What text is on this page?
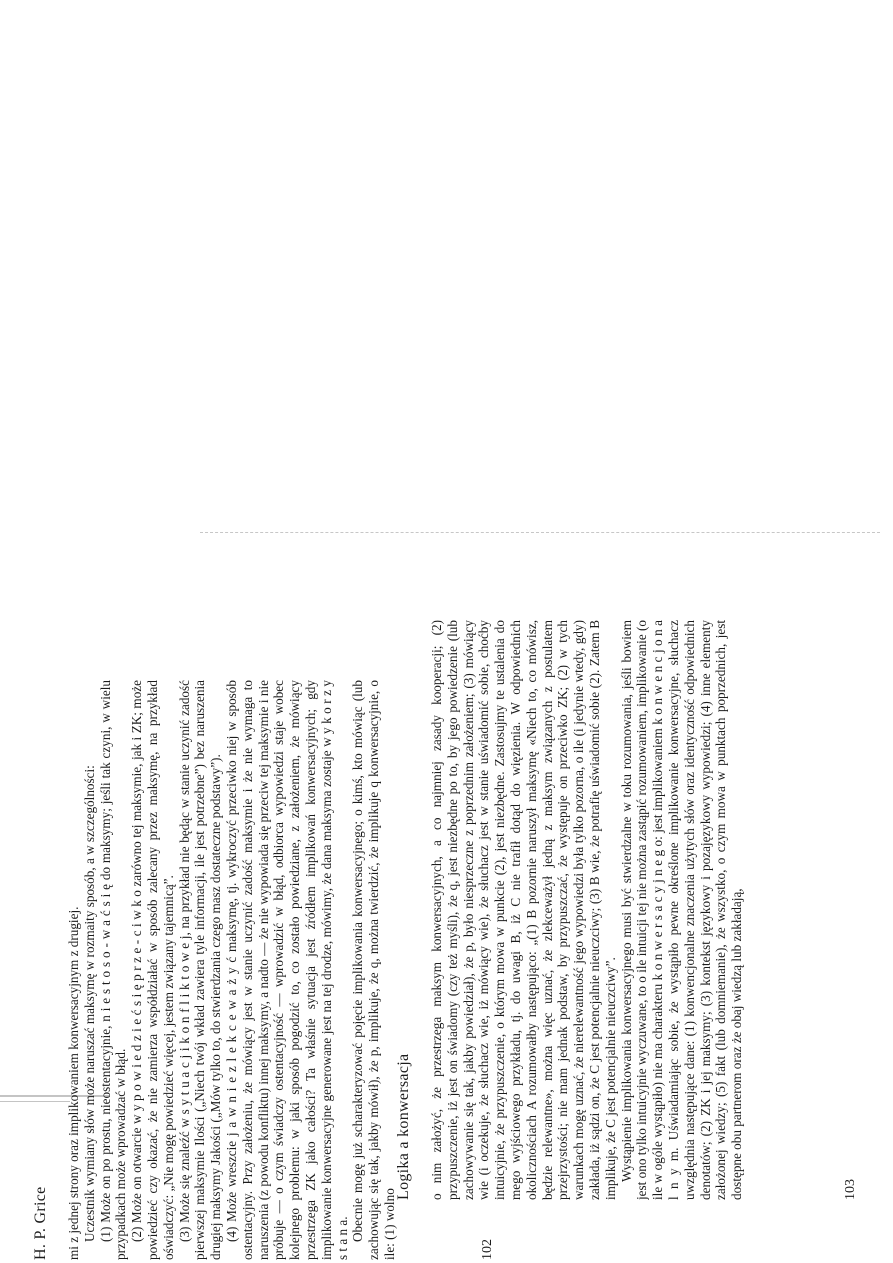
H. P. Grice mi z jednej strony oraz implikowaniem konwersacyjnym z drugiej. Uczestnik wymiany słów może naruszać maksymę w rozmaity sposób, a w szczególności: (1) Może on po prostu, nieostentacyjnie, n i e s t o s o - w a ć s i ę do maksymy; jeśli tak czyni, w wielu przypadkach może wprowadzać w błąd. (2) Może on otwarcie w y p o w i e d z i e ć s i ę p r z e - c i w k o zarówno tej maksymie, jak i ZK; może powiedzieć czy okazać, że nie zamierza współdziałać w sposób zalecany przez maksymę, na przykład oświadczyć: „Nie mogę powiedzieć więcej, jestem związany tajemnicą”. (3) Może się znaleźć w s y t u a c j i k o n f l i k t o w e j, na przykład nie będąc w stanie uczynić zadość pierwszej maksymie Ilości („Niech twój wkład zawiera tyle informacji, ile jest potrzebne”) bez naruszenia drugiej maksymy Jakości („Mów tylko to, do stwierdzania czego masz dostateczne podstawy”). (4) Może wreszcie j a w n i e z l e k c e w a ż y ć maksymę, tj. wykroczyć przeciwko niej w sposób ostentacyjny. Przy założeniu, że mówiący jest w stanie uczynić zadość maksymie i że nie wymaga to naruszenia (z powodu konfliktu) innej maksymy, a nadto — że nie wypowiada się przeciw tej maksymie i nie próbuje — o czym świadczy ostentacyjność — wprowadzić w błąd, odbiorca wypowiedzi staje wobec kolejnego problemu: w jaki sposób pogodzić to, co zostało powiedziane, z założeniem, że mówiący przestrzega ZK jako całości? Ta właśnie sytuacja jest źródłem implikowań konwersacyjnych; gdy implikowanie konwersacyjne generowane jest na tej drodze, mówimy, że dana maksyma zostaje w y k o r z y s t a n a. Obecnie mogę już scharakteryzować pojęcie implikowania konwersacyjnego; o kimś, kto mówiąc (lub zachowując się tak, jakby mówił), że p, implikuje, że q, można twierdzić, że implikuje q konwersacyjnie, o ile: (1) wolno	102
Logika a konwersacja o nim założyć, że przestrzega maksym konwersacyjnych, a co najmniej zasady kooperacji; (2) przypuszczenie, iż jest on świadomy (czy też myśli), że q, jest niezbędne po to, by jego powiedzenie (lub zachowywanie się tak, jakby powiedział), że p, było niesprzeczne z poprzednim założeniem; (3) mówiący wie (i oczekuje, że słuchacz wie, iż mówiący wie), że słuchacz jest w stanie uświadomić sobie, choćby intuicyjnie, że przypuszczenie, o którym mowa w punkcie (2), jest niezbędne. Zastosujmy te ustalenia do mego wyjściowego przykładu, tj. do uwagi B, iż C nie trafił dotąd do więzienia. W odpowiednich okolicznościach A rozumowałby następująco: „(1) B pozornie naruszył maksymę «Niech to, co mówisz, będzie relewantne», można więc uznać, że zlekceważył jedną z maksym związanych z postulatem przejrzystości; nie mam jednak podstaw, by przypuszczać, że występuje on przeciwko ZK; (2) w tych warunkach mogę uznać, że nierelewantność jego wypowiedzi była tylko pozorna, o ile (i jedynie wtedy, gdy) zakłada, iż sądzi on, że C jest potencjalnie nieuczciwy; (3) B wie, że potrafię uświadomić sobie (2). Zatem B implikuje, że C jest potencjalnie nieuczciwy”. Wystąpienie implikowania konwersacyjnego musi być stwierdzalne w toku rozumowania, jeśli bowiem jest ono tylko intuicyjnie wyczuwane, to o ile intuicji tej nie można zastąpić rozumowaniem, implikowanie (o ile w ogóle wystąpiło) nie ma charakteru k o n w e r s a c y j n e g o: jest implikowaniem k o n w e n c j o n a l n y m. Uświadamiając sobie, że wystąpiło pewne określone implikowanie konwersacyjne, słuchacz uwzględnia następujące dane: (1) konwencjonalne znaczenia użytych słów oraz identyczność odpowiednich denotatów; (2) ZK i jej maksymy; (3) kontekst językowy i pozajęzykowy wypowiedzi; (4) inne elementy założonej wiedzy; (5) fakt (lub domniemanie), że wszystko, o czym mowa w punktach poprzednich, jest dostępne obu partnerom oraz że obaj wiedzą lub zakładają,	103
